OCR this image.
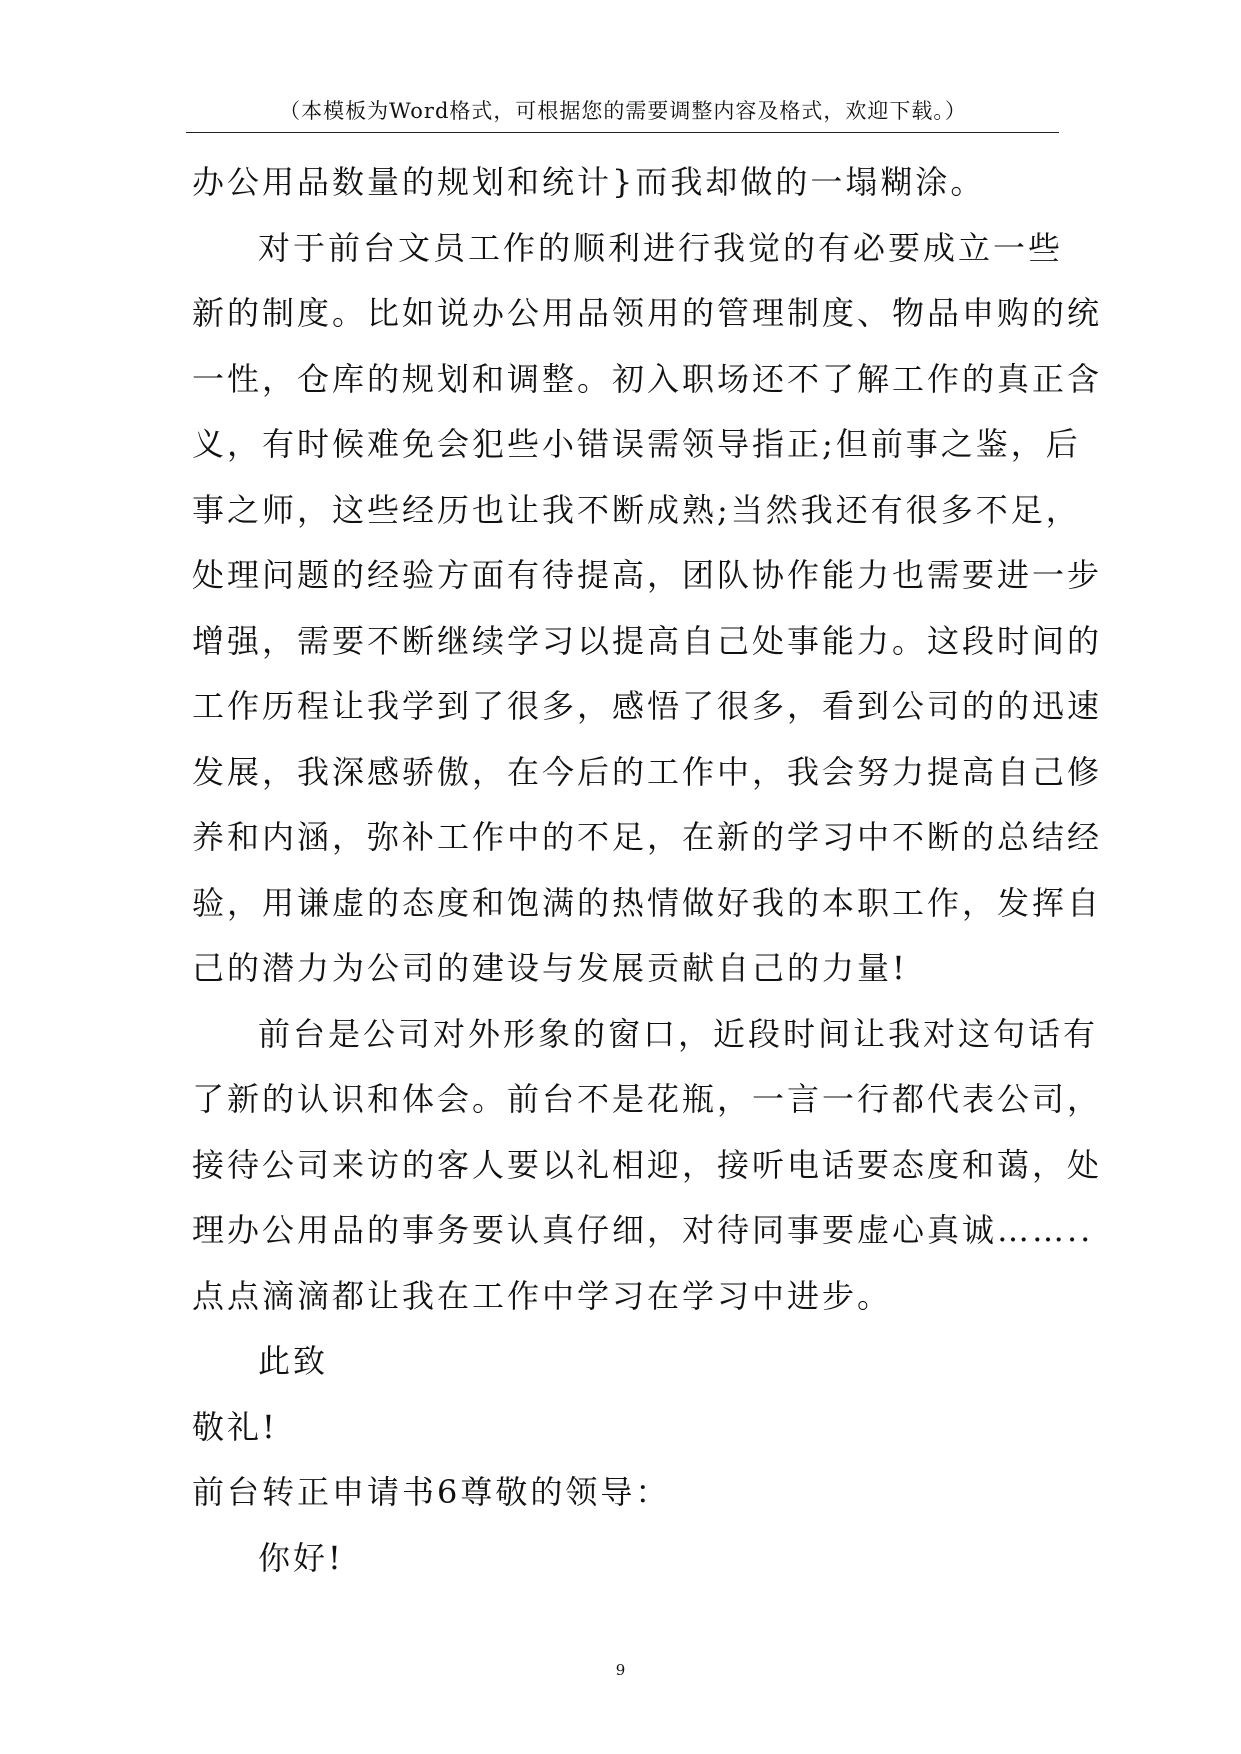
（本模板为Word格式，可根据您的需要调整内容及格式，欢迎下载。）
办公用品数量的规划和统计}而我却做的一塌糊涂。
对于前台文员工作的顺利进行我觉的有必要成立一些
新的制度。比如说办公用品领用的管理制度、物品申购的统
一性，仓库的规划和调整。初入职场还不了解工作的真正含
义，有时候难免会犯些小错误需领导指正;但前事之鉴，后
事之师，这些经历也让我不断成熟;当然我还有很多不足，
处理问题的经验方面有待提高，团队协作能力也需要进一步
增强，需要不断继续学习以提高自己处事能力。这段时间的
工作历程让我学到了很多，感悟了很多，看到公司的的迅速
发展，我深感骄傲，在今后的工作中，我会努力提高自己修
养和内涵，弥补工作中的不足，在新的学习中不断的总结经
验，用谦虚的态度和饱满的热情做好我的本职工作，发挥自
己的潜力为公司的建设与发展贡献自己的力量!
前台是公司对外形象的窗口，近段时间让我对这句话有
了新的认识和体会。前台不是花瓶，一言一行都代表公司，
接待公司来访的客人要以礼相迎，接听电话要态度和蔼，处
理办公用品的事务要认真仔细，对待同事要虚心真诚……..
点点滴滴都让我在工作中学习在学习中进步。
此致
敬礼!
前台转正申请书6尊敬的领导：
你好!
9
